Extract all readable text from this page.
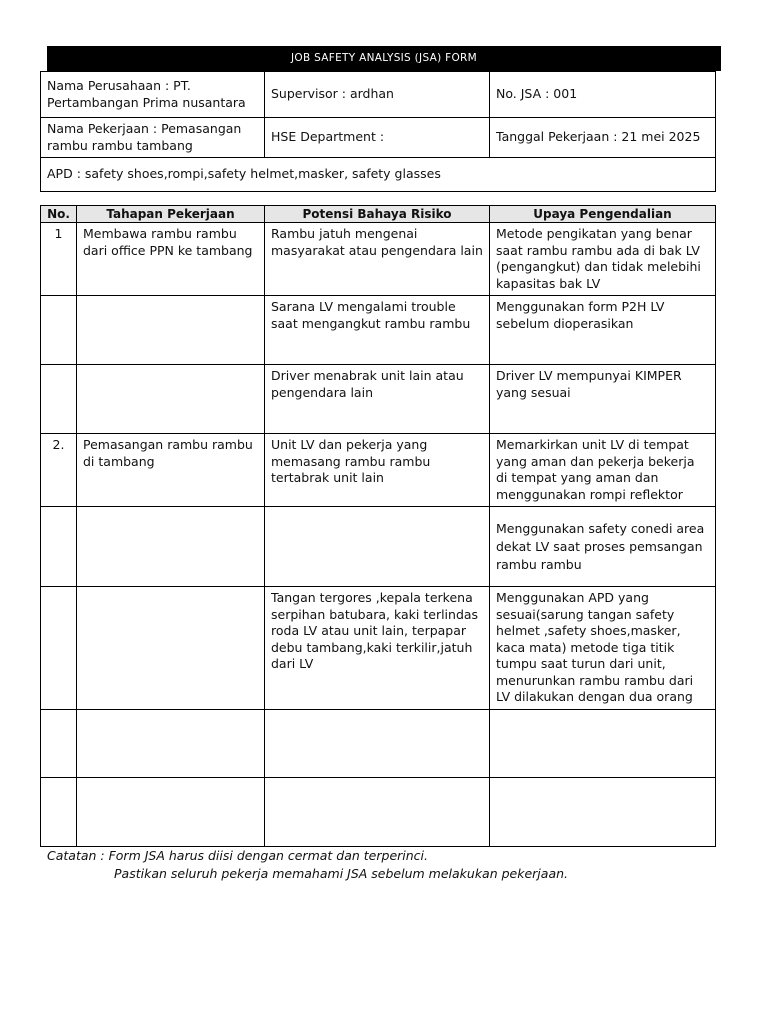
JOB SAFETY ANALYSIS (JSA) FORM
Nama Perusahaan : PT. Pertambangan Prima nusantara	Supervisor : ardhan	No. JSA : 001
Nama Pekerjaan : Pemasangan rambu rambu tambang	HSE Department :	Tanggal Pekerjaan : 21 mei 2025
APD : safety shoes,rompi,safety helmet,masker, safety glasses		
No.	Tahapan Pekerjaan	Potensi Bahaya Risiko	Upaya Pengendalian
1	Membawa rambu rambu dari office PPN ke tambang	Rambu jatuh mengenai masyarakat atau pengendara lain	Metode pengikatan yang benar saat rambu rambu ada di bak LV (pengangkut) dan tidak melebihi kapasitas bak LV
		Sarana LV mengalami trouble saat mengangkut rambu rambu	Menggunakan form P2H LV sebelum dioperasikan
		Driver menabrak unit lain atau pengendara lain	Driver LV mempunyai KIMPER yang sesuai
2.	Pemasangan rambu rambu di tambang	Unit LV dan pekerja yang memasang rambu rambu tertabrak unit lain	Memarkirkan unit LV di tempat yang aman dan pekerja bekerja di tempat yang aman dan menggunakan rompi reflektor
			Menggunakan safety conedi area dekat LV saat proses pemsangan rambu rambu
		Tangan tergores ,kepala terkena serpihan batubara, kaki terlindas roda LV atau unit lain, terpapar debu tambang,kaki terkilir,jatuh dari LV	Menggunakan APD yang sesuai(sarung tangan safety helmet ,safety shoes,masker, kaca mata) metode tiga titik tumpu saat turun dari unit, menurunkan rambu rambu dari LV dilakukan dengan dua orang

Catatan : Form JSA harus diisi dengan cermat dan terperinci.
Pastikan seluruh pekerja memahami JSA sebelum melakukan pekerjaan.
